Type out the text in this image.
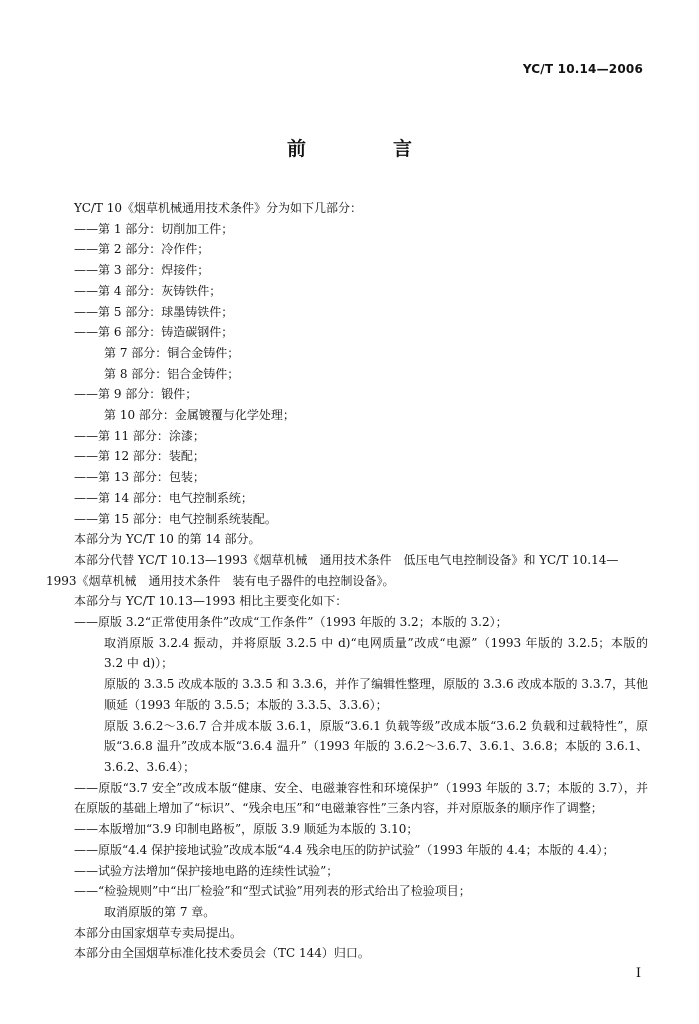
YC/T 10.14—2006
前　言

YC/T 10《烟草机械通用技术条件》分为如下几部分：

——第 1 部分：切削加工件；

——第 2 部分：冷作件；

——第 3 部分：焊接件；

——第 4 部分：灰铸铁件；

——第 5 部分：球墨铸铁件；

——第 6 部分：铸造碳钢件；

第 7 部分：铜合金铸件；

第 8 部分：铝合金铸件；

——第 9 部分：锻件；

第 10 部分：金属镀覆与化学处理；

——第 11 部分：涂漆；

——第 12 部分：装配；

——第 13 部分：包装；

——第 14 部分：电气控制系统；

——第 15 部分：电气控制系统装配。

本部分为 YC/T 10 的第 14 部分。

本部分代替 YC/T 10.13—1993《烟草机械　通用技术条件　低压电气电控制设备》和 YC/T 10.14—

1993《烟草机械　通用技术条件　装有电子器件的电控制设备》。

本部分与 YC/T 10.13—1993 相比主要变化如下：

——原版 3.2“正常使用条件”改成“工作条件”（1993 年版的 3.2；本版的 3.2）；

取消原版 3.2.4 振动，并将原版 3.2.5 中 d)“电网质量”改成“电源”（1993 年版的 3.2.5；本版的 3.2 中 d)）；

原版的 3.3.5 改成本版的 3.3.5 和 3.3.6，并作了编辑性整理，原版的 3.3.6 改成本版的 3.3.7，其他顺延（1993 年版的 3.5.5；本版的 3.3.5、3.3.6）；

原版 3.6.2～3.6.7 合并成本版 3.6.1，原版“3.6.1 负载等级”改成本版“3.6.2 负载和过载特性”，原版“3.6.8 温升”改成本版“3.6.4 温升”（1993 年版的 3.6.2～3.6.7、3.6.1、3.6.8；本版的 3.6.1、3.6.2、3.6.4）；

——原版“3.7 安全”改成本版“健康、安全、电磁兼容性和环境保护”（1993 年版的 3.7；本版的 3.7），并在原版的基础上增加了“标识”、“残余电压”和“电磁兼容性”三条内容，并对原版条的顺序作了调整；

——本版增加“3.9 印制电路板”，原版 3.9 顺延为本版的 3.10；

——原版“4.4 保护接地试验”改成本版“4.4 残余电压的防护试验”（1993 年版的 4.4；本版的 4.4）；

——试验方法增加“保护接地电路的连续性试验”；

——“检验规则”中“出厂检验”和“型式试验”用列表的形式给出了检验项目；

取消原版的第 7 章。

本部分由国家烟草专卖局提出。

本部分由全国烟草标准化技术委员会（TC 144）归口。

I
